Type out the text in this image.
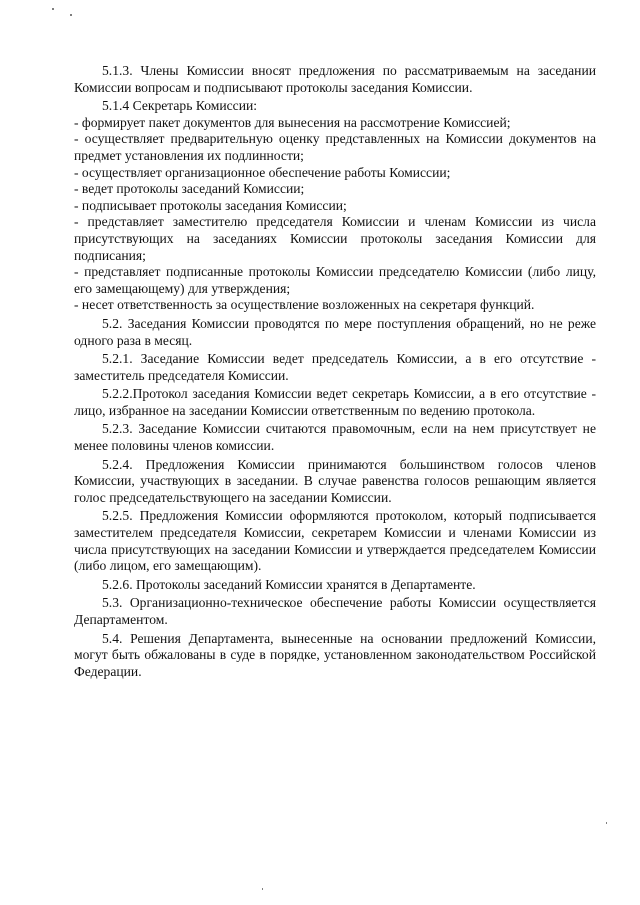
5.1.3. Члены Комиссии вносят предложения по рассматриваемым на заседании Комиссии вопросам и подписывают протоколы заседания Комиссии.

5.1.4 Секретарь Комиссии:

- формирует пакет документов для вынесения на рассмотрение Комиссией;

- осуществляет предварительную оценку представленных на Комиссии документов на предмет установления их подлинности;

- осуществляет организационное обеспечение работы Комиссии;

- ведет протоколы заседаний Комиссии;

- подписывает протоколы заседания Комиссии;

- представляет заместителю председателя Комиссии и членам Комиссии из числа присутствующих на заседаниях Комиссии протоколы заседания Комиссии для подписания;

- представляет подписанные протоколы Комиссии председателю Комиссии (либо лицу, его замещающему) для утверждения;

- несет ответственность за осуществление возложенных на секретаря функций.

5.2. Заседания Комиссии проводятся по мере поступления обращений, но не реже одного раза в месяц.

5.2.1. Заседание Комиссии ведет председатель Комиссии, а в его отсутствие - заместитель председателя Комиссии.

5.2.2.Протокол заседания Комиссии ведет секретарь Комиссии, а в его отсутствие - лицо, избранное на заседании Комиссии ответственным по ведению протокола.

5.2.3. Заседание Комиссии считаются правомочным, если на нем присутствует не менее половины членов комиссии.

5.2.4. Предложения Комиссии принимаются большинством голосов членов Комиссии, участвующих в заседании. В случае равенства голосов решающим является голос председательствующего на заседании Комиссии.

5.2.5. Предложения Комиссии оформляются протоколом, который подписывается заместителем председателя Комиссии, секретарем Комиссии и членами Комиссии из числа присутствующих на заседании Комиссии и утверждается председателем Комиссии (либо лицом, его замещающим).

5.2.6. Протоколы заседаний Комиссии хранятся в Департаменте.

5.3. Организационно-техническое обеспечение работы Комиссии осуществляется Департаментом.

5.4. Решения Департамента, вынесенные на основании предложений Комиссии, могут быть обжалованы в суде в порядке, установленном законодательством Российской Федерации.
